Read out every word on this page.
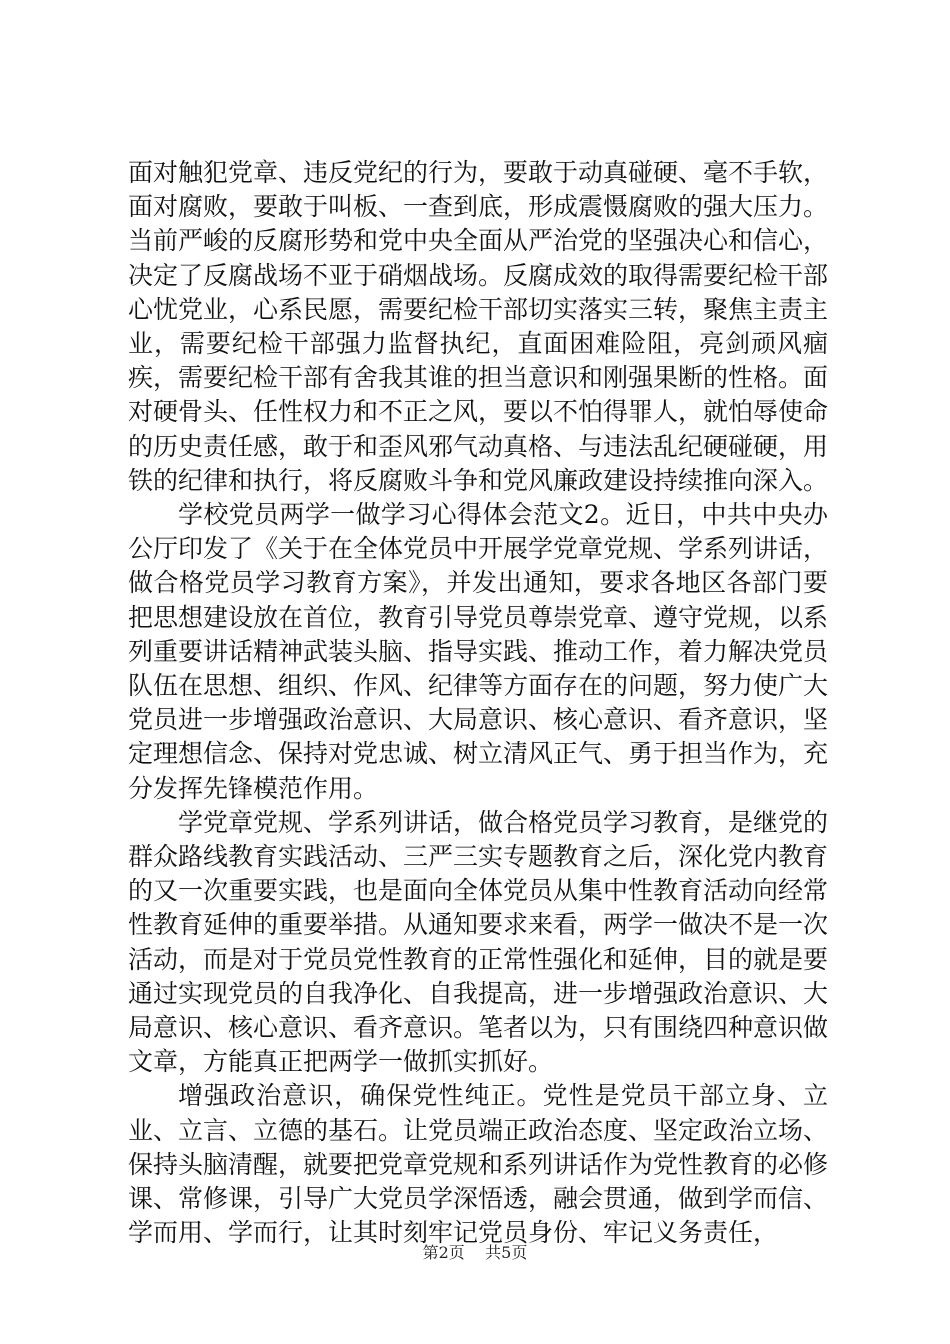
面对触犯党章、违反党纪的行为，要敢于动真碰硬、毫不手软，面对腐败，要敢于叫板、一查到底，形成震慑腐败的强大压力。当前严峻的反腐形势和党中央全面从严治党的坚强决心和信心，决定了反腐战场不亚于硝烟战场。反腐成效的取得需要纪检干部心忧党业，心系民愿，需要纪检干部切实落实三转，聚焦主责主业，需要纪检干部强力监督执纪，直面困难险阻，亮剑顽风痼疾，需要纪检干部有舍我其谁的担当意识和刚强果断的性格。面对硬骨头、任性权力和不正之风，要以不怕得罪人，就怕辱使命的历史责任感，敢于和歪风邪气动真格、与违法乱纪硬碰硬，用铁的纪律和执行，将反腐败斗争和党风廉政建设持续推向深入。

学校党员两学一做学习心得体会范文2。近日，中共中央办公厅印发了《关于在全体党员中开展学党章党规、学系列讲话，做合格党员学习教育方案》，并发出通知，要求各地区各部门要把思想建设放在首位，教育引导党员尊崇党章、遵守党规，以系列重要讲话精神武装头脑、指导实践、推动工作，着力解决党员队伍在思想、组织、作风、纪律等方面存在的问题，努力使广大党员进一步增强政治意识、大局意识、核心意识、看齐意识，坚定理想信念、保持对党忠诚、树立清风正气、勇于担当作为，充分发挥先锋模范作用。

学党章党规、学系列讲话，做合格党员学习教育，是继党的群众路线教育实践活动、三严三实专题教育之后，深化党内教育的又一次重要实践，也是面向全体党员从集中性教育活动向经常性教育延伸的重要举措。从通知要求来看，两学一做决不是一次活动，而是对于党员党性教育的正常性强化和延伸，目的就是要通过实现党员的自我净化、自我提高，进一步增强政治意识、大局意识、核心意识、看齐意识。笔者以为，只有围绕四种意识做文章，方能真正把两学一做抓实抓好。

增强政治意识，确保党性纯正。党性是党员干部立身、立业、立言、立德的基石。让党员端正政治态度、坚定政治立场、保持头脑清醒，就要把党章党规和系列讲话作为党性教育的必修课、常修课，引导广大党员学深悟透，融会贯通，做到学而信、学而用、学而行，让其时刻牢记党员身份、牢记义务责任，

第2页 共5页
